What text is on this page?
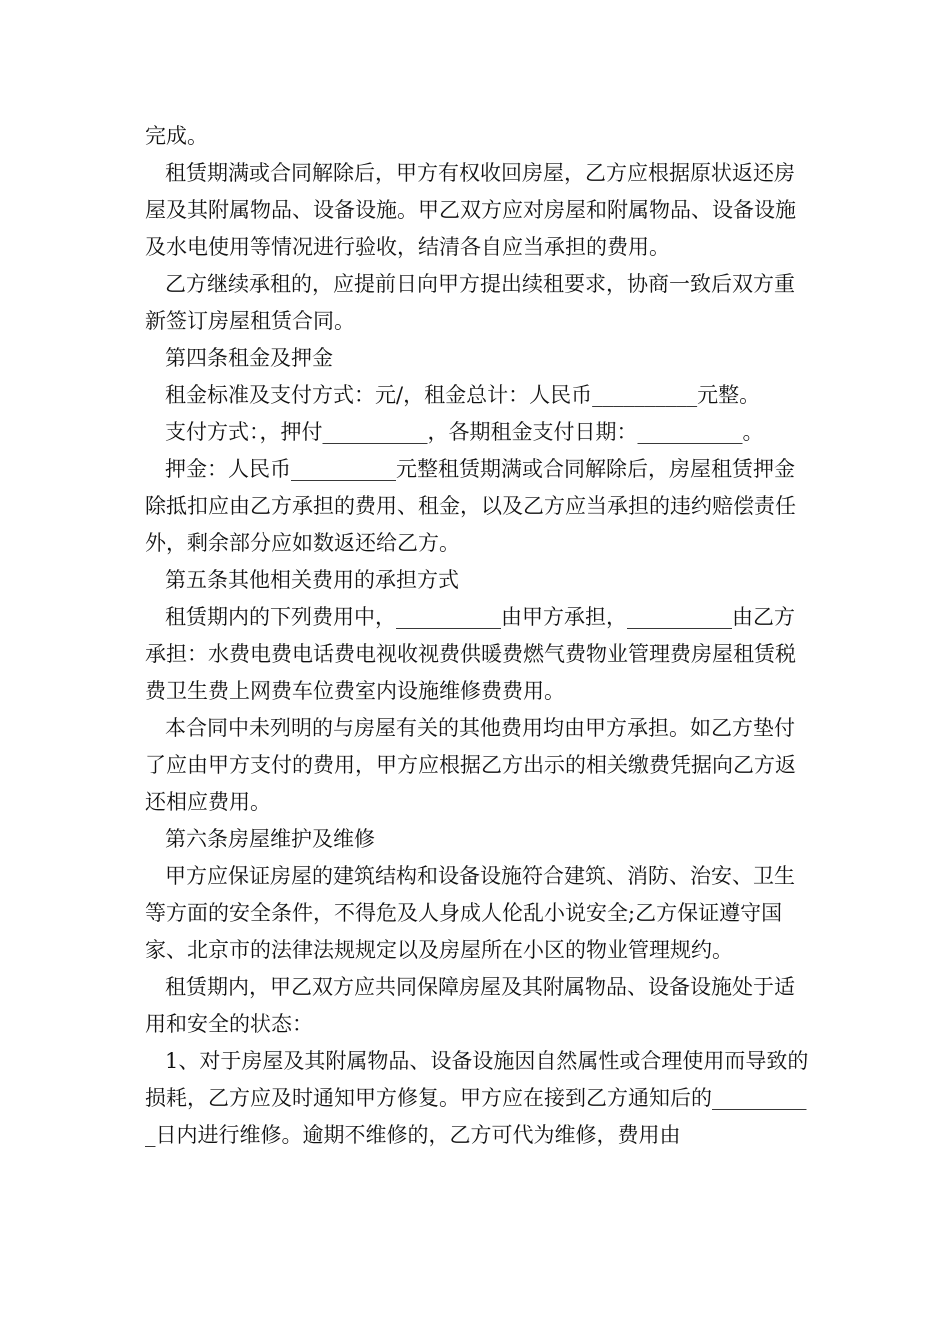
完成。

租赁期满或合同解除后，甲方有权收回房屋，乙方应根据原状返还房屋及其附属物品、设备设施。甲乙双方应对房屋和附属物品、设备设施及水电使用等情况进行验收，结清各自应当承担的费用。

乙方继续承租的，应提前日向甲方提出续租要求，协商一致后双方重新签订房屋租赁合同。

第四条租金及押金

租金标准及支付方式：元/，租金总计：人民币__________元整。

支付方式：，押付__________，各期租金支付日期：__________。

押金：人民币__________元整租赁期满或合同解除后，房屋租赁押金除抵扣应由乙方承担的费用、租金，以及乙方应当承担的违约赔偿责任外，剩余部分应如数返还给乙方。

第五条其他相关费用的承担方式

租赁期内的下列费用中，__________由甲方承担，__________由乙方承担：水费电费电话费电视收视费供暖费燃气费物业管理费房屋租赁税费卫生费上网费车位费室内设施维修费费用。

本合同中未列明的与房屋有关的其他费用均由甲方承担。如乙方垫付了应由甲方支付的费用，甲方应根据乙方出示的相关缴费凭据向乙方返还相应费用。

第六条房屋维护及维修

甲方应保证房屋的建筑结构和设备设施符合建筑、消防、治安、卫生等方面的安全条件，不得危及人身成人伦乱小说安全;乙方保证遵守国家、北京市的法律法规规定以及房屋所在小区的物业管理规约。

租赁期内，甲乙双方应共同保障房屋及其附属物品、设备设施处于适用和安全的状态：

1、对于房屋及其附属物品、设备设施因自然属性或合理使用而导致的损耗，乙方应及时通知甲方修复。甲方应在接到乙方通知后的__________日内进行维修。逾期不维修的，乙方可代为维修，费用由
